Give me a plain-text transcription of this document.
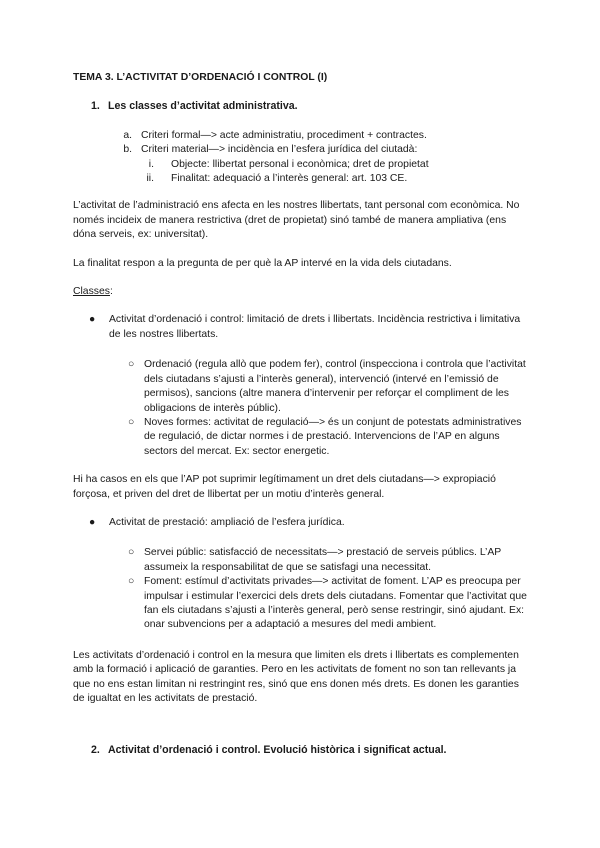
TEMA 3. L’ACTIVITAT D’ORDENACIÓ I CONTROL (I)

1. Les classes d’activitat administrativa.
a. Criteri formal—> acte administratiu, procediment + contractes.
b. Criteri material—> incidència en l’esfera jurídica del ciutadà:
i.	Objecte: llibertat personal i econòmica; dret de propietat
ii.	Finalitat: adequació a l’interès general: art. 103 CE.

L’activitat de l’administració ens afecta en les nostres llibertats, tant personal com econòmica. No només incideix de manera restrictiva (dret de propietat) sinó també de manera ampliativa (ens dóna serveis, ex: universitat).

La finalitat respon a la pregunta de per què la AP intervé en la vida dels ciutadans.

Classes:

●	Activitat d’ordenació i control: limitació de drets i llibertats. Incidència restrictiva i limitativa de les nostres llibertats.
○ Ordenació (regula allò que podem fer), control (inspecciona i controla que l’activitat dels ciutadans s’ajusti a l’interès general), intervenció (intervé en l’emissió de permisos), sancions (altre manera d’intervenir per reforçar el compliment de les obligacions de interès públic).
○ Noves formes: activitat de regulació—> és un conjunt de potestats administratives de regulació, de dictar normes i de prestació. Intervencions de l’AP en alguns sectors del mercat. Ex: sector energetic.

Hi ha casos en els que l’AP pot suprimir legítimament un dret dels ciutadans—> expropiació forçosa, et priven del dret de llibertat per un motiu d’interès general.

●	Activitat de prestació: ampliació de l’esfera jurídica.
○ Servei públic: satisfacció de necessitats—> prestació de serveis públics. L’AP assumeix la responsabilitat de que se satisfagi una necessitat.
○ Foment: estímul d’activitats privades—> activitat de foment. L’AP es preocupa per impulsar i estimular l’exercici dels drets dels ciutadans. Fomentar que l’activitat que fan els ciutadans s’ajusti a l’interès general, però sense restringir, sinó ajudant. Ex: onar subvencions per a adaptació a mesures del medi ambient.

Les activitats d’ordenació i control en la mesura que limiten els drets i llibertats es complementen amb la formació i aplicació de garanties. Pero en les activitats de foment no son tan rellevants ja que no ens estan limitan ni restringint res, sinó que ens donen més drets. Es donen les garanties de igualtat en les activitats de prestació.

2. Activitat d’ordenació i control. Evolució històrica i significat actual.
